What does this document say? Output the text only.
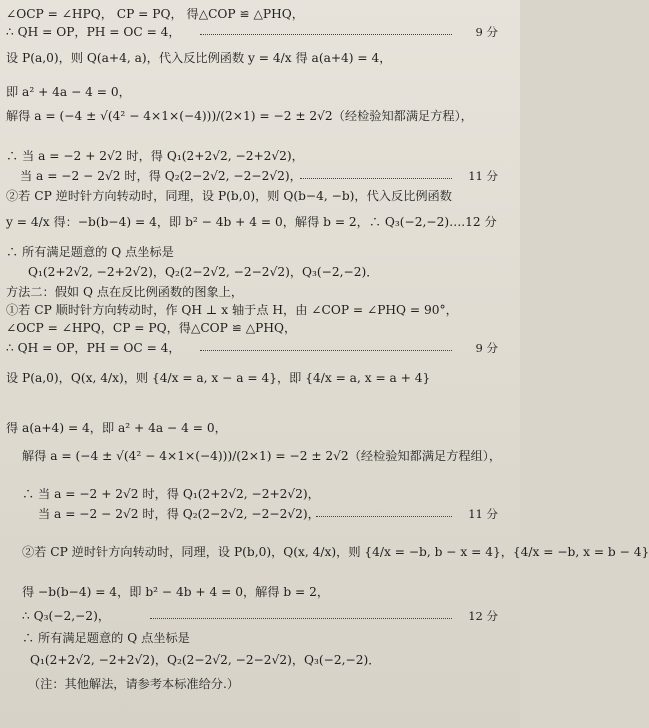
∠OCP = ∠HPQ， CP = PQ， 得△COP ≌ △PHQ，
∴ QH = OP，PH = OC = 4，	9 分
设 P(a,0)，则 Q(a+4, a)，代入反比例函数 y = 4/x 得 a(a+4) = 4，
即 a² + 4a − 4 = 0，
解得 a = (−4 ± √(4² − 4×1×(−4)))/(2×1) = −2 ± 2√2（经检验知都满足方程），
∴ 当 a = −2 + 2√2 时，得 Q₁(2+2√2, −2+2√2)，
当 a = −2 − 2√2 时，得 Q₂(2−2√2, −2−2√2)，	11 分
②若 CP 逆时针方向转动时，同理，设 P(b,0)，则 Q(b−4, −b)，代入反比例函数
y = 4/x 得：−b(b−4) = 4，即 b² − 4b + 4 = 0，解得 b = 2，∴ Q₃(−2,−2)….12 分
∴ 所有满足题意的 Q 点坐标是
Q₁(2+2√2, −2+2√2)，Q₂(2−2√2, −2−2√2)，Q₃(−2,−2)．
方法二：假如 Q 点在反比例函数的图象上，
①若 CP 顺时针方向转动时，作 QH ⊥ x 轴于点 H，由 ∠COP = ∠PHQ = 90°，
∠OCP = ∠HPQ，CP = PQ，得△COP ≌ △PHQ，
∴ QH = OP，PH = OC = 4，	9 分
设 P(a,0)，Q(x, 4/x)，则 {4/x = a, x − a = 4}，即 {4/x = a, x = a + 4}
得 a(a+4) = 4，即 a² + 4a − 4 = 0，
解得 a = (−4 ± √(4² − 4×1×(−4)))/(2×1) = −2 ± 2√2（经检验知都满足方程组），
∴ 当 a = −2 + 2√2 时，得 Q₁(2+2√2, −2+2√2)，
当 a = −2 − 2√2 时，得 Q₂(2−2√2, −2−2√2)，	11 分
②若 CP 逆时针方向转动时，同理，设 P(b,0)，Q(x, 4/x)，则 {4/x = −b, b − x = 4}，{4/x = −b, x = b − 4}
得 −b(b−4) = 4，即 b² − 4b + 4 = 0，解得 b = 2，
∴ Q₃(−2,−2)，	12 分
∴ 所有满足题意的 Q 点坐标是
Q₁(2+2√2, −2+2√2)，Q₂(2−2√2, −2−2√2)，Q₃(−2,−2)．
（注：其他解法，请参考本标准给分.）
